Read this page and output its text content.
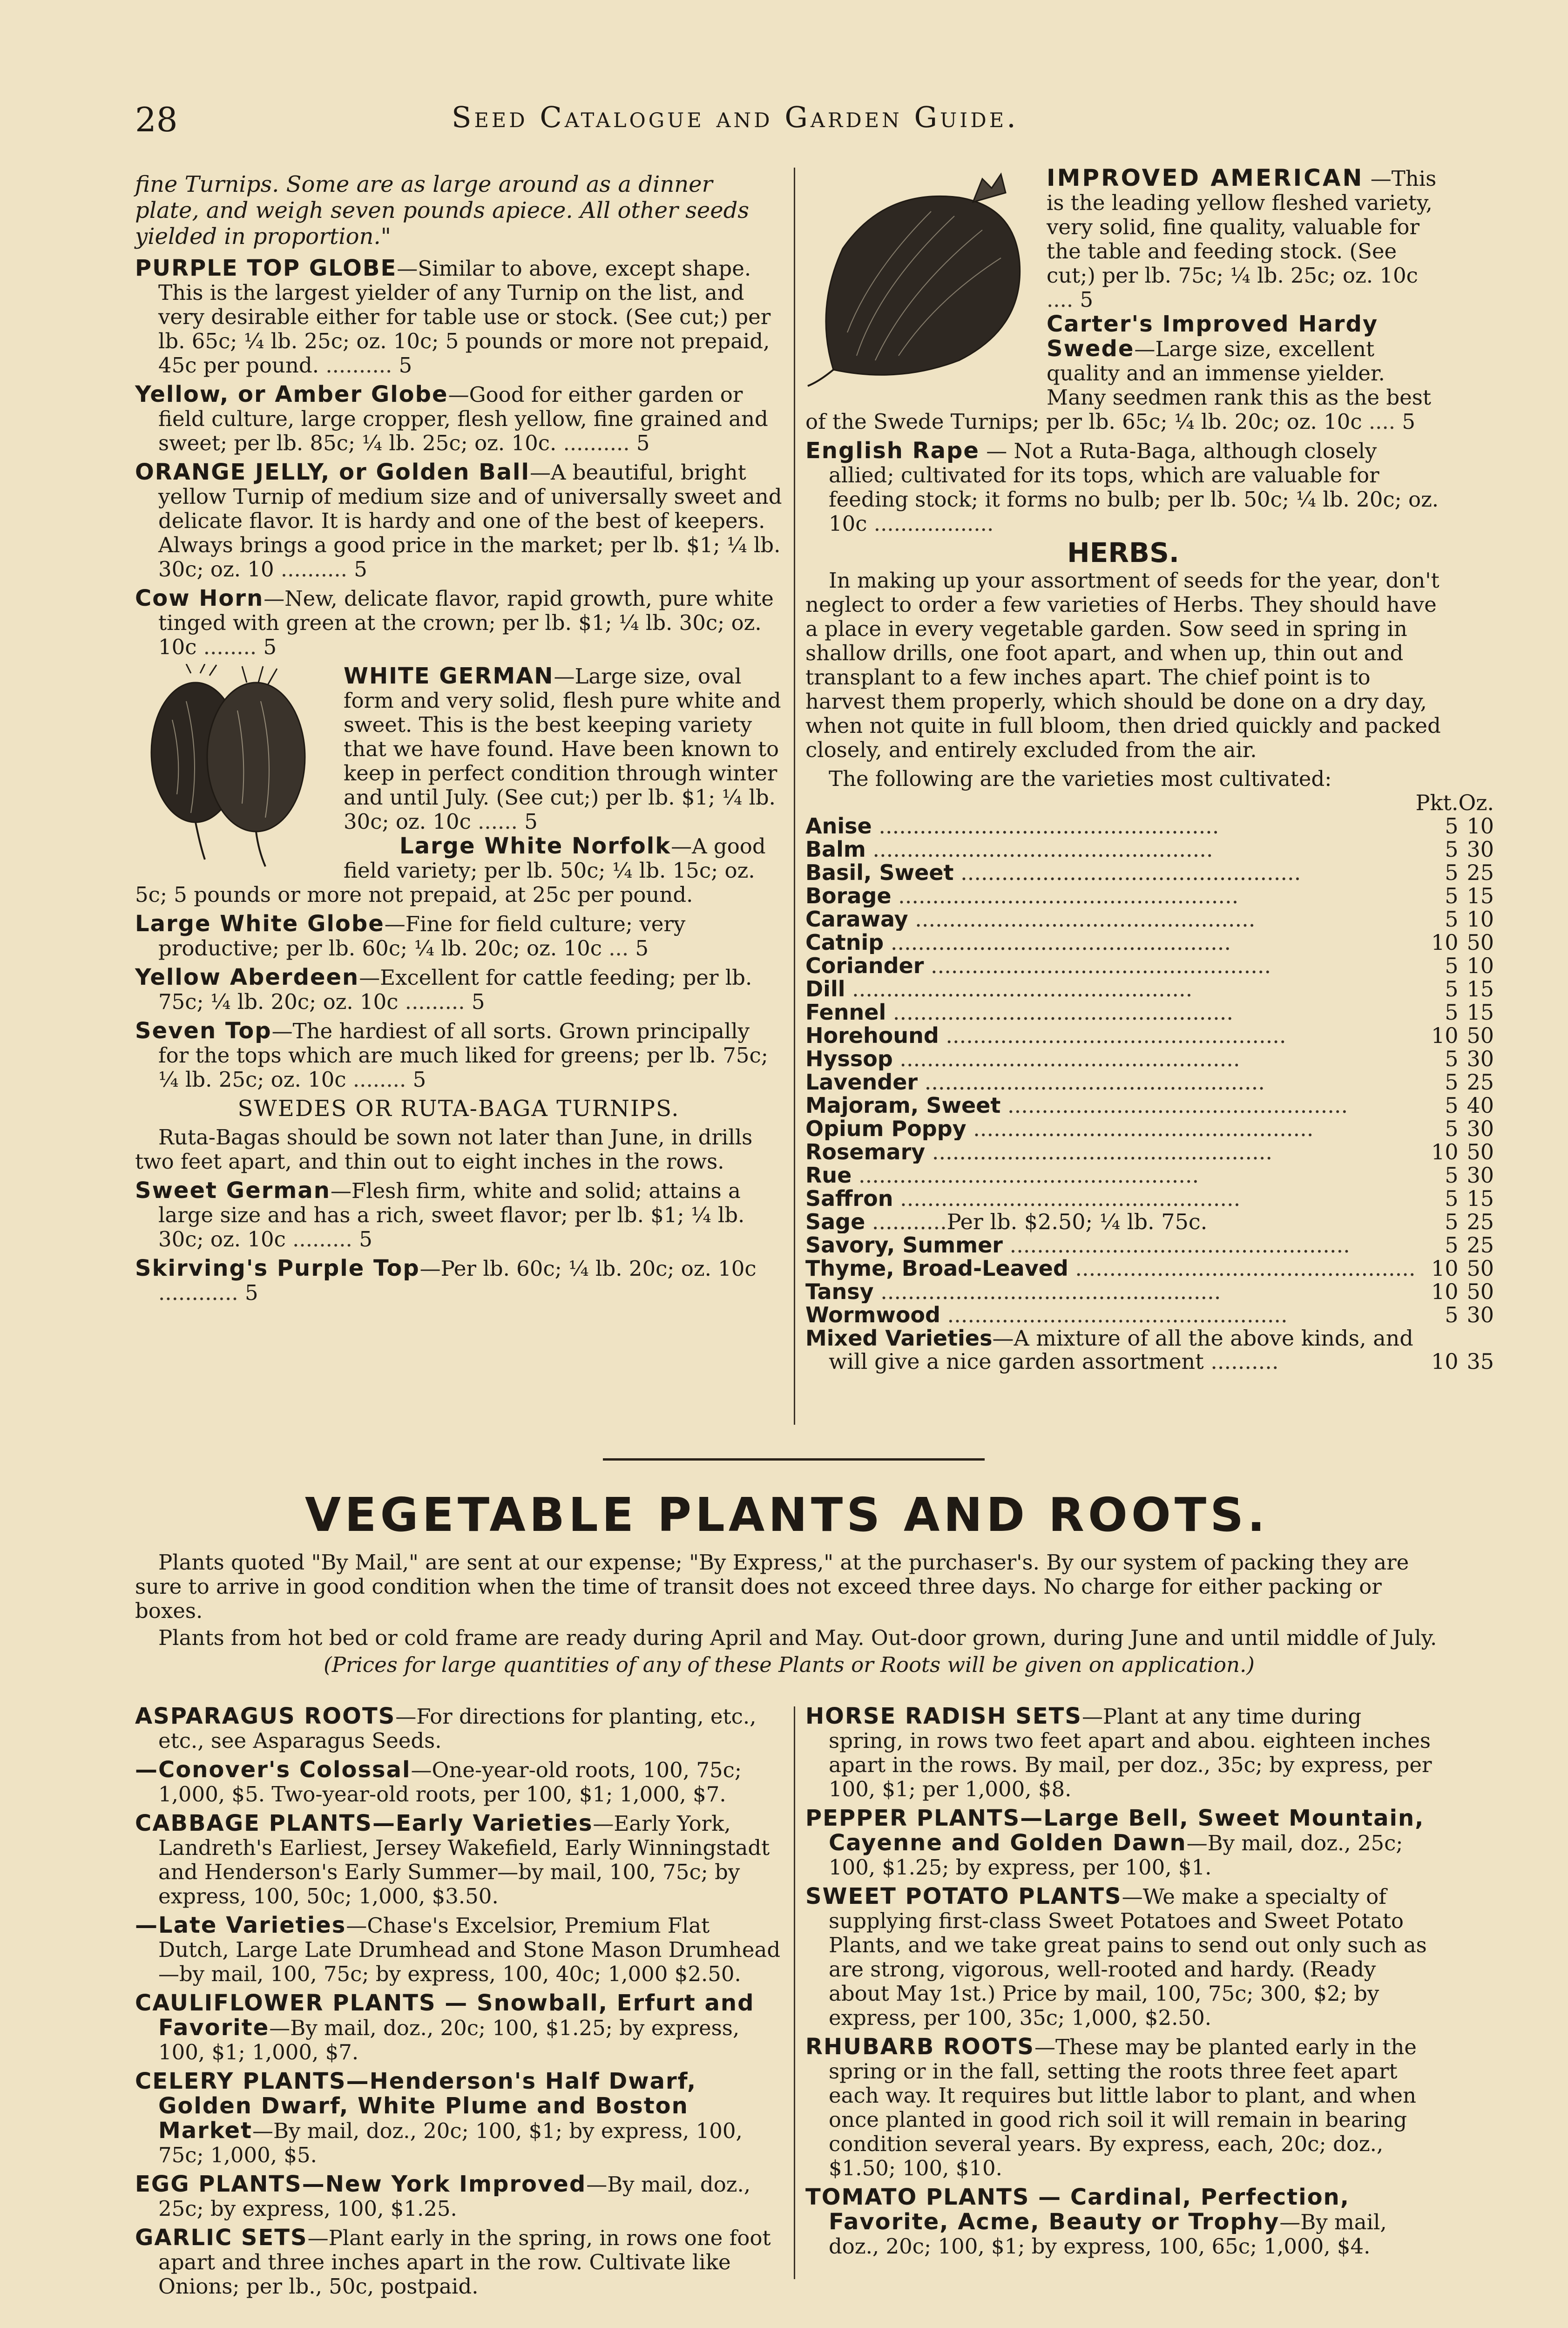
28	Seed Catalogue and Garden Guide.
fine Turnips. Some are as large around as a dinner plate, and weigh seven pounds apiece. All other seeds yielded in proportion."
PURPLE TOP GLOBE—Similar to above, except shape. This is the largest yielder of any Turnip on the list, and very desirable either for table use or stock. (See cut;) per lb. 65c; ¼ lb. 25c; oz. 10c; 5 pounds or more not prepaid, 45c per pound. .......... 5
Yellow, or Amber Globe—Good for either garden or field culture, large cropper, flesh yellow, fine grained and sweet; per lb. 85c; ¼ lb. 25c; oz. 10c. .......... 5
ORANGE JELLY, or Golden Ball—A beautiful, bright yellow Turnip of medium size and of universally sweet and delicate flavor. It is hardy and one of the best of keepers. Always brings a good price in the market; per lb. $1; ¼ lb. 30c; oz. 10 .......... 5
Cow Horn—New, delicate flavor, rapid growth, pure white tinged with green at the crown; per lb. $1; ¼ lb. 30c; oz. 10c ........ 5
WHITE GERMAN—Large size, oval form and very solid, flesh pure white and sweet. This is the best keeping variety that we have found. Have been known to keep in perfect condition through winter and until July. (See cut;) per lb. $1; ¼ lb. 30c; oz. 10c ...... 5
Large White Norfolk—A good field variety; per lb. 50c; ¼ lb. 15c; oz. 5c; 5 pounds or more not prepaid, at 25c per pound.
Large White Globe—Fine for field culture; very productive; per lb. 60c; ¼ lb. 20c; oz. 10c ... 5
Yellow Aberdeen—Excellent for cattle feeding; per lb. 75c; ¼ lb. 20c; oz. 10c ......... 5
Seven Top—The hardiest of all sorts. Grown principally for the tops which are much liked for greens; per lb. 75c; ¼ lb. 25c; oz. 10c ........ 5
SWEDES OR RUTA-BAGA TURNIPS.
Ruta-Bagas should be sown not later than June, in drills two feet apart, and thin out to eight inches in the rows.
Sweet German—Flesh firm, white and solid; attains a large size and has a rich, sweet flavor; per lb. $1; ¼ lb. 30c; oz. 10c ......... 5
Skirving's Purple Top—Per lb. 60c; ¼ lb. 20c; oz. 10c ............ 5
IMPROVED AMERICAN —This is the leading yellow fleshed variety, very solid, fine quality, valuable for the table and feeding stock. (See cut;) per lb. 75c; ¼ lb. 25c; oz. 10c .... 5
Carter's Improved Hardy Swede—Large size, excellent quality and an immense yielder. Many seedmen rank this as the best of the Swede Turnips; per lb. 65c; ¼ lb. 20c; oz. 10c .... 5
English Rape — Not a Ruta-Baga, although closely allied; cultivated for its tops, which are valuable for feeding stock; it forms no bulb; per lb. 50c; ¼ lb. 20c; oz. 10c ..................
HERBS.
In making up your assortment of seeds for the year, don't neglect to order a few varieties of Herbs. They should have a place in every vegetable garden. Sow seed in spring in shallow drills, one foot apart, and when up, thin out and transplant to a few inches apart. The chief point is to harvest them properly, which should be done on a dry day, when not quite in full bloom, then dried quickly and packed closely, and entirely excluded from the air.
The following are the varieties most cultivated:
	Pkt.	Oz.
Anise ..................................................	5	10
Balm ..................................................	5	30
Basil, Sweet ..................................................	5	25
Borage ..................................................	5	15
Caraway ..................................................	5	10
Catnip ..................................................	10	50
Coriander ..................................................	5	10
Dill ..................................................	5	15
Fennel ..................................................	5	15
Horehound ..................................................	10	50
Hyssop ..................................................	5	30
Lavender ..................................................	5	25
Majoram, Sweet ..................................................	5	40
Opium Poppy ..................................................	5	30
Rosemary ..................................................	10	50
Rue ..................................................	5	30
Saffron ..................................................	5	15
Sage ...........Per lb. $2.50; ¼ lb. 75c.	5	25
Savory, Summer ..................................................	5	25
Thyme, Broad-Leaved ..................................................	10	50
Tansy ..................................................	10	50
Wormwood ..................................................	5	30
Mixed Varieties—A mixture of all the above kinds, and will give a nice garden assortment ..........	10	35
VEGETABLE PLANTS AND ROOTS.

Plants quoted "By Mail," are sent at our expense; "By Express," at the purchaser's. By our system of packing they are sure to arrive in good condition when the time of transit does not exceed three days. No charge for either packing or boxes.

Plants from hot bed or cold frame are ready during April and May. Out-door grown, during June and until middle of July.

(Prices for large quantities of any of these Plants or Roots will be given on application.)
ASPARAGUS ROOTS—For directions for planting, etc., etc., see Asparagus Seeds.
—Conover's Colossal—One-year-old roots, 100, 75c; 1,000, $5. Two-year-old roots, per 100, $1; 1,000, $7.
CABBAGE PLANTS—Early Varieties—Early York, Landreth's Earliest, Jersey Wakefield, Early Winningstadt and Henderson's Early Summer—by mail, 100, 75c; by express, 100, 50c; 1,000, $3.50.
—Late Varieties—Chase's Excelsior, Premium Flat Dutch, Large Late Drumhead and Stone Mason Drumhead—by mail, 100, 75c; by express, 100, 40c; 1,000 $2.50.
CAULIFLOWER PLANTS — Snowball, Erfurt and Favorite—By mail, doz., 20c; 100, $1.25; by express, 100, $1; 1,000, $7.
CELERY PLANTS—Henderson's Half Dwarf, Golden Dwarf, White Plume and Boston Market—By mail, doz., 20c; 100, $1; by express, 100, 75c; 1,000, $5.
EGG PLANTS—New York Improved—By mail, doz., 25c; by express, 100, $1.25.
GARLIC SETS—Plant early in the spring, in rows one foot apart and three inches apart in the row. Cultivate like Onions; per lb., 50c, postpaid.
HORSE RADISH SETS—Plant at any time during spring, in rows two feet apart and abou. eighteen inches apart in the rows. By mail, per doz., 35c; by express, per 100, $1; per 1,000, $8.
PEPPER PLANTS—Large Bell, Sweet Mountain, Cayenne and Golden Dawn—By mail, doz., 25c; 100, $1.25; by express, per 100, $1.
SWEET POTATO PLANTS—We make a specialty of supplying first-class Sweet Potatoes and Sweet Potato Plants, and we take great pains to send out only such as are strong, vigorous, well-rooted and hardy. (Ready about May 1st.) Price by mail, 100, 75c; 300, $2; by express, per 100, 35c; 1,000, $2.50.
RHUBARB ROOTS—These may be planted early in the spring or in the fall, setting the roots three feet apart each way. It requires but little labor to plant, and when once planted in good rich soil it will remain in bearing condition several years. By express, each, 20c; doz., $1.50; 100, $10.
TOMATO PLANTS — Cardinal, Perfection, Favorite, Acme, Beauty or Trophy—By mail, doz., 20c; 100, $1; by express, 100, 65c; 1,000, $4.
